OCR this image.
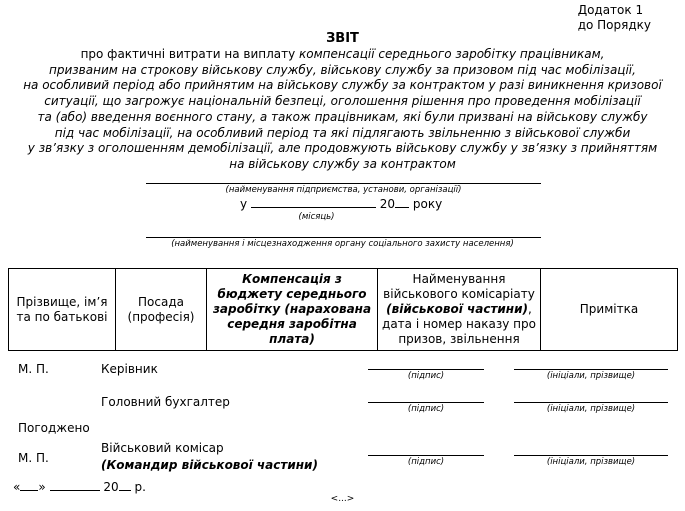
Додаток 1
до Порядку
ЗВІТ
про фактичні витрати на виплату компенсації середнього заробітку працівникам,
призваним на строкову військову службу, військову службу за призовом під час мобілізації,
на особливий період або прийнятим на військову службу за контрактом у разі виникнення кризової
ситуації, що загрожує національній безпеці, оголошення рішення про проведення мобілізації
та (або) введення воєнного стану, а також працівникам, які були призвані на військову службу
під час мобілізації, на особливий період та які підлягають звільненню з військової служби
у зв’язку з оголошенням демобілізації, але продовжують військову службу у зв’язку з прийняттям
на військову службу за контрактом
(найменування підприємства, установи, організації)
у	20 року
(місяць)
(найменування і місцезнаходження органу соціального захисту населення)
Прізвище, ім’я та по батькові	Посада (професія)	Компенсація з бюджету середнього заробітку (нарахована середня заробітна плата)	Найменування військового комісаріату (військової частини), дата і номер наказу про призов, звільнення	Примітка
М. П.	Керівник	(підпис)	(ініціали, прізвище)
Головний бухгалтер	(підпис)	(ініціали, прізвище)
Погоджено
М. П.
Військовий комісар
(Командир військової частини)	(підпис)	(ініціали, прізвище)
« »	20 р.
<...>
